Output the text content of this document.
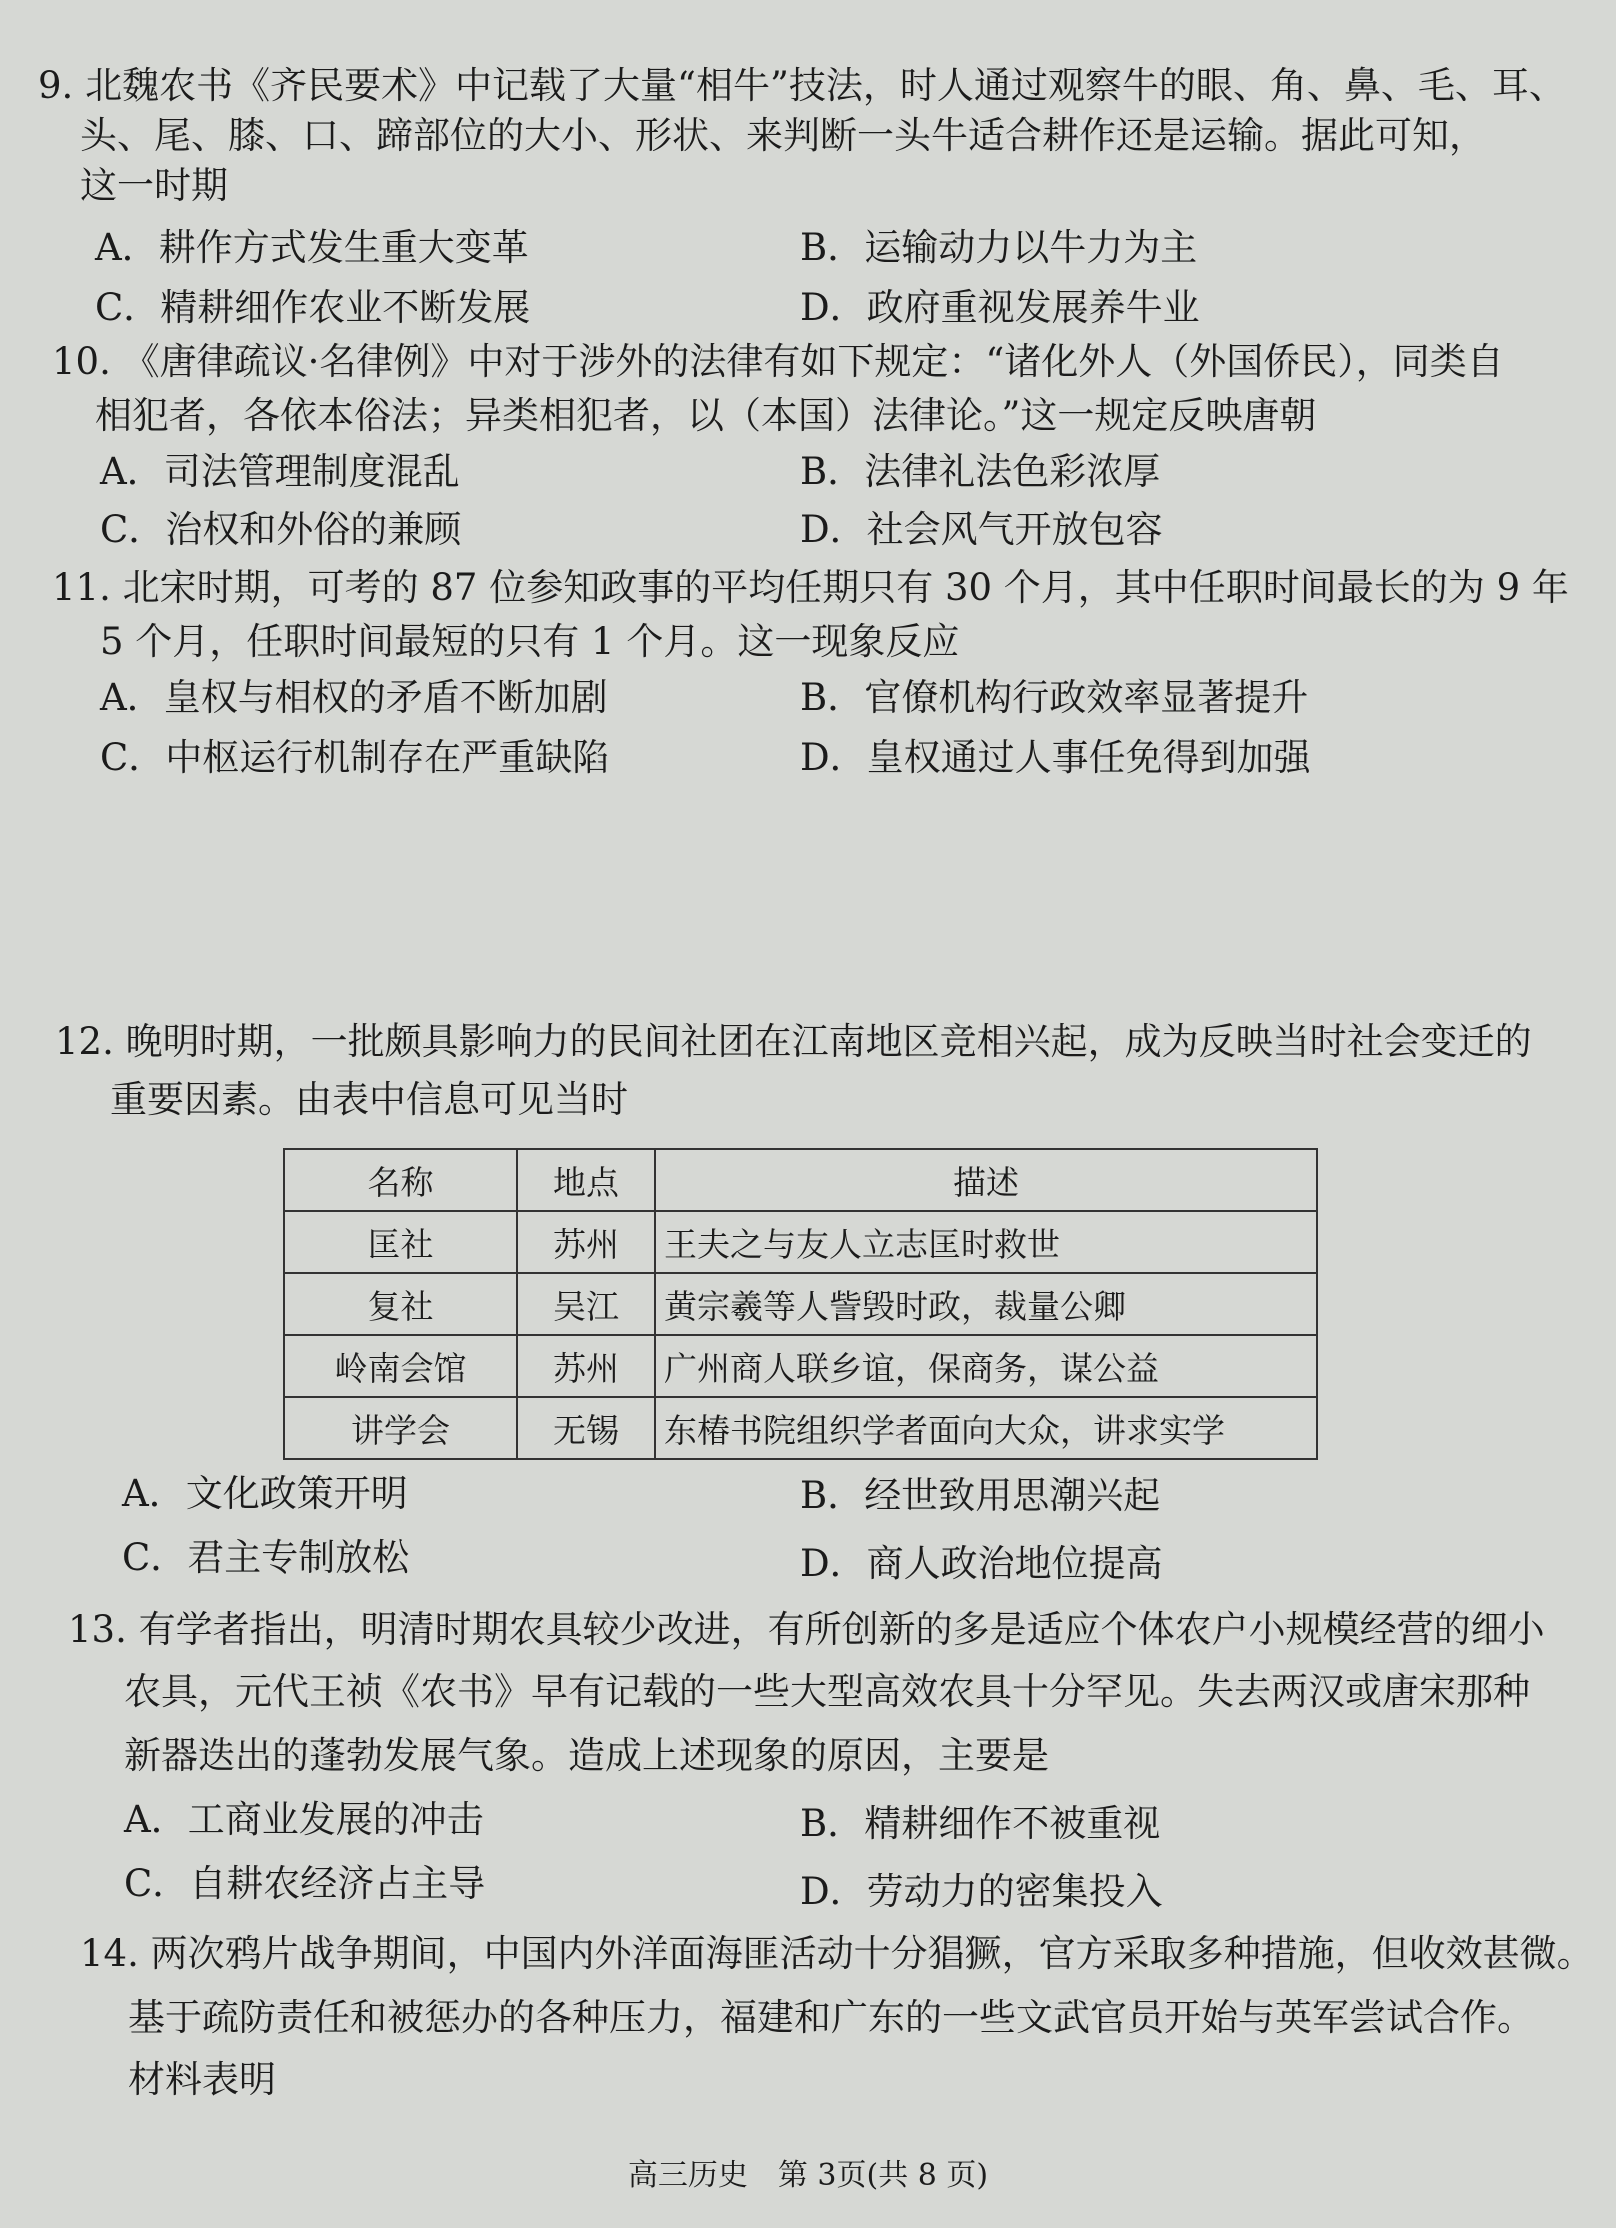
9. 北魏农书《齐民要术》中记载了大量“相牛”技法，时人通过观察牛的眼、角、鼻、毛、耳、
头、尾、膝、口、蹄部位的大小、形状、来判断一头牛适合耕作还是运输。据此可知，
这一时期
A．耕作方式发生重大变革	B．运输动力以牛力为主
C．精耕细作农业不断发展	D．政府重视发展养牛业
10. 《唐律疏议·名律例》中对于涉外的法律有如下规定：“诸化外人（外国侨民），同类自
相犯者，各依本俗法；异类相犯者，以（本国）法律论。”这一规定反映唐朝
A．司法管理制度混乱	B．法律礼法色彩浓厚
C．治权和外俗的兼顾	D．社会风气开放包容
11. 北宋时期，可考的 87 位参知政事的平均任期只有 30 个月，其中任职时间最长的为 9 年
5 个月，任职时间最短的只有 1 个月。这一现象反应
A．皇权与相权的矛盾不断加剧	B．官僚机构行政效率显著提升
C．中枢运行机制存在严重缺陷	D．皇权通过人事任免得到加强
12. 晚明时期，一批颇具影响力的民间社团在江南地区竞相兴起，成为反映当时社会变迁的
重要因素。由表中信息可见当时
名称	地点	描述
匡社	苏州	王夫之与友人立志匡时救世
复社	吴江	黄宗羲等人訾毁时政，裁量公卿
岭南会馆	苏州	广州商人联乡谊，保商务，谋公益
讲学会	无锡	东椿书院组织学者面向大众，讲求实学
A．文化政策开明	B．经世致用思潮兴起
C．君主专制放松	D．商人政治地位提高
13. 有学者指出，明清时期农具较少改进，有所创新的多是适应个体农户小规模经营的细小
农具，元代王祯《农书》早有记载的一些大型高效农具十分罕见。失去两汉或唐宋那种
新器迭出的蓬勃发展气象。造成上述现象的原因，主要是
A．工商业发展的冲击	B．精耕细作不被重视
C．自耕农经济占主导	D．劳动力的密集投入
14. 两次鸦片战争期间，中国内外洋面海匪活动十分猖獗，官方采取多种措施，但收效甚微。
基于疏防责任和被惩办的各种压力，福建和广东的一些文武官员开始与英军尝试合作。
材料表明
高三历史　第 3页(共 8 页)
